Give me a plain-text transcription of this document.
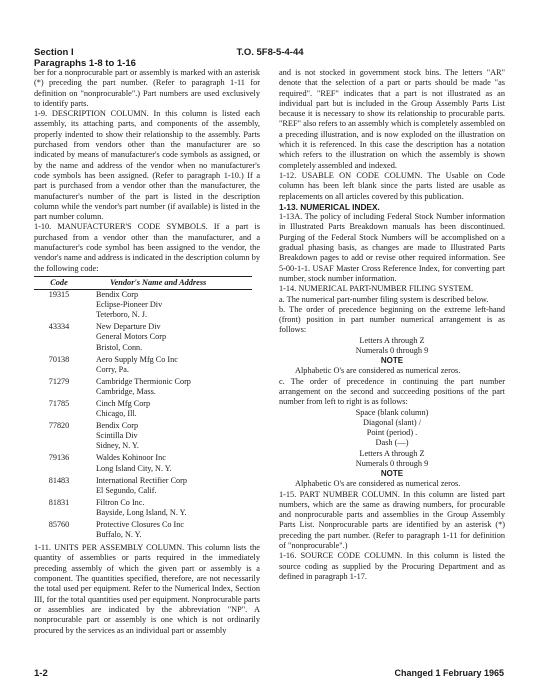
Section I
Paragraphs 1-8 to 1-16
T.O. 5F8-5-4-44

ber for a nonprocurable part or assembly is marked with an asterisk (*) preceding the part number. (Refer to paragraph 1-11 for definition on "nonprocurable".) Part numbers are used exclusively to identify parts.

1-9. DESCRIPTION COLUMN. In this column is listed each assembly, its attaching parts, and components of the assembly, properly indented to show their relationship to the assembly. Parts purchased from vendors other than the manufacturer are so indicated by means of manufacturer's code symbols as assigned, or by the name and address of the vendor when no manufacturer's code symbols has been assigned. (Refer to paragraph 1-10.) If a part is purchased from a vendor other than the manufacturer, the manufacturer's number of the part is listed in the description column while the vendor's part number (if available) is listed in the part number column.

1-10. MANUFACTURER'S CODE SYMBOLS. If a part is purchased from a vendor other than the manufacturer, and a manufacturer's code symbol has been assigned to the vendor, the vendor's name and address is indicated in the description column by the following code:

Code	Vendor's Name and Address
19315	Bendix Corp
	Eclipse-Pioneer Div
	Teterboro, N. J.
43334	New Departure Div
	General Motors Corp
	Bristol, Conn.
70138	Aero Supply Mfg Co Inc
	Corry, Pa.
71279	Cambridge Thermionic Corp
	Cambridge, Mass.
71785	Cinch Mfg Corp
	Chicago, Ill.
77820	Bendix Corp
	Scintilla Div
	Sidney, N. Y.
79136	Waldes Kohinoor Inc
	Long Island City, N. Y.
81483	International Rectifier Corp
	El Segundo, Calif.
81831	Filtron Co Inc.
	Bayside, Long Island, N. Y.
85760	Protective Closures Co Inc
	Buffalo, N. Y.

1-11. UNITS PER ASSEMBLY COLUMN. This column lists the quantity of assemblies or parts required in the immediately preceding assembly of which the given part or assembly is a component. The quantities specified, therefore, are not necessarily the total used per equipment. Refer to the Numerical Index, Section III, for the total quantities used per equipment. Nonprocurable parts or assemblies are indicated by the abbreviation "NP". A nonprocurable part or assembly is one which is not ordinarily procured by the services as an individual part or assembly

and is not stocked in government stock bins. The letters "AR" denote that the selection of a part or parts should be made "as required". "REF" indicates that a part is not illustrated as an individual part but is included in the Group Assembly Parts List because it is necessary to show its relationship to procurable parts. "REF" also refers to an assembly which is completely assembled on a preceding illustration, and is now exploded on the illustration on which it is referenced. In this case the description has a notation which refers to the illustration on which the assembly is shown completely assembled and indexed.

1-12. USABLE ON CODE COLUMN. The Usable on Code column has been left blank since the parts listed are usable as replacements on all articles covered by this publication.

1-13. NUMERICAL INDEX.

1-13A. The policy of including Federal Stock Number information in Illustrated Parts Breakdown manuals has been discontinued. Purging of the Federal Stock Numbers will be accomplished on a gradual phasing basis, as changes are made to Illustrated Parts Breakdown pages to add or revise other required information. See 5-00-1-1. USAF Master Cross Reference Index, for converting part number, stock number information.

1-14. NUMERICAL PART-NUMBER FILING SYSTEM.

a. The numerical part-number filing system is described below.

b. The order of precedence beginning on the extreme left-hand (front) position in part number numerical arrangement is as follows:

Letters A through Z

Numerals 0 through 9

NOTE

Alphabetic O's are considered as numerical zeros.

c. The order of precedence in continuing the part number arrangement on the second and succeeding positions of the part number from left to right is as follows:

Space (blank column)

Diagonal (slant) /

Point (period) .

Dash (—)

Letters A through Z

Numerals 0 through 9

NOTE

Alphabetic O's are considered as numerical zeros.

1-15. PART NUMBER COLUMN. In this column are listed part numbers, which are the same as drawing numbers, for procurable and nonprocurable parts and assemblies in the Group Assembly Parts List. Nonprocurable parts are identified by an asterisk (*) preceding the part number. (Refer to paragraph 1-11 for definition of "nonprocurable".)

1-16. SOURCE CODE COLUMN. In this column is listed the source coding as supplied by the Procuring Department and as defined in paragraph 1-17.

1-2	Changed 1 February 1965
